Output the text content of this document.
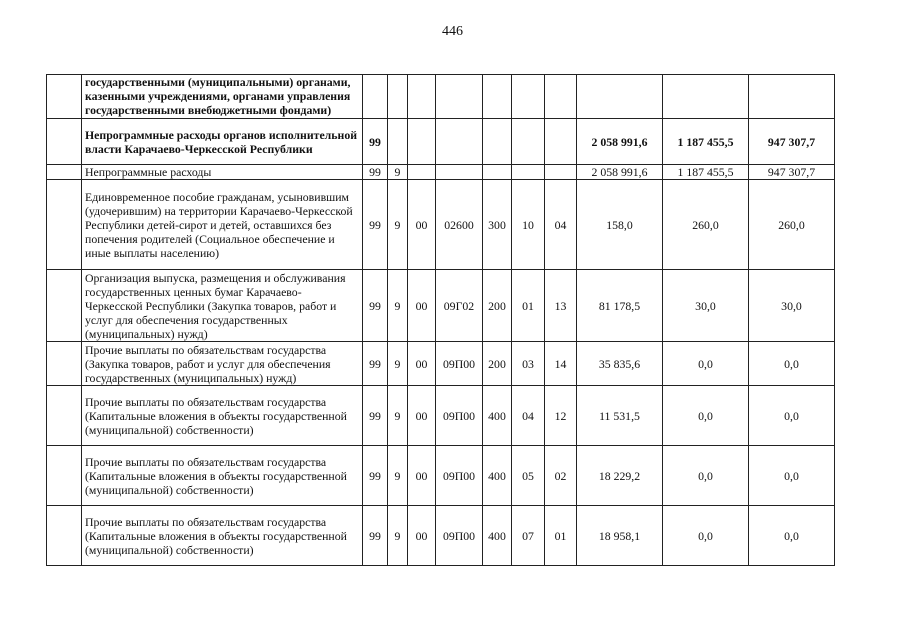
446
	государственными (муниципальными) органами, казенными учреждениями, органами управления государственными внебюджетными фондами)										
	Непрограммные расходы органов исполнительной власти Карачаево-Черкесской Республики	99							2 058 991,6	1 187 455,5	947 307,7
	Непрограммные расходы	99	9						2 058 991,6	1 187 455,5	947 307,7
	Единовременное пособие гражданам, усыновившим (удочерившим) на территории Карачаево-Черкесской Республики детей-сирот и детей, оставшихся без попечения родителей (Социальное обеспечение и иные выплаты населению)	99	9	00	02600	300	10	04	158,0	260,0	260,0
	Организация выпуска, размещения и обслуживания государственных ценных бумаг Карачаево-Черкесской Республики (Закупка товаров, работ и услуг для обеспечения государственных (муниципальных) нужд)	99	9	00	09Г02	200	01	13	81 178,5	30,0	30,0
	Прочие выплаты по обязательствам государства (Закупка товаров, работ и услуг для обеспечения государственных (муниципальных) нужд)	99	9	00	09П00	200	03	14	35 835,6	0,0	0,0
	Прочие выплаты по обязательствам государства (Капитальные вложения в объекты государственной (муниципальной) собственности)	99	9	00	09П00	400	04	12	11 531,5	0,0	0,0
	Прочие выплаты по обязательствам государства (Капитальные вложения в объекты государственной (муниципальной) собственности)	99	9	00	09П00	400	05	02	18 229,2	0,0	0,0
	Прочие выплаты по обязательствам государства (Капитальные вложения в объекты государственной (муниципальной) собственности)	99	9	00	09П00	400	07	01	18 958,1	0,0	0,0
